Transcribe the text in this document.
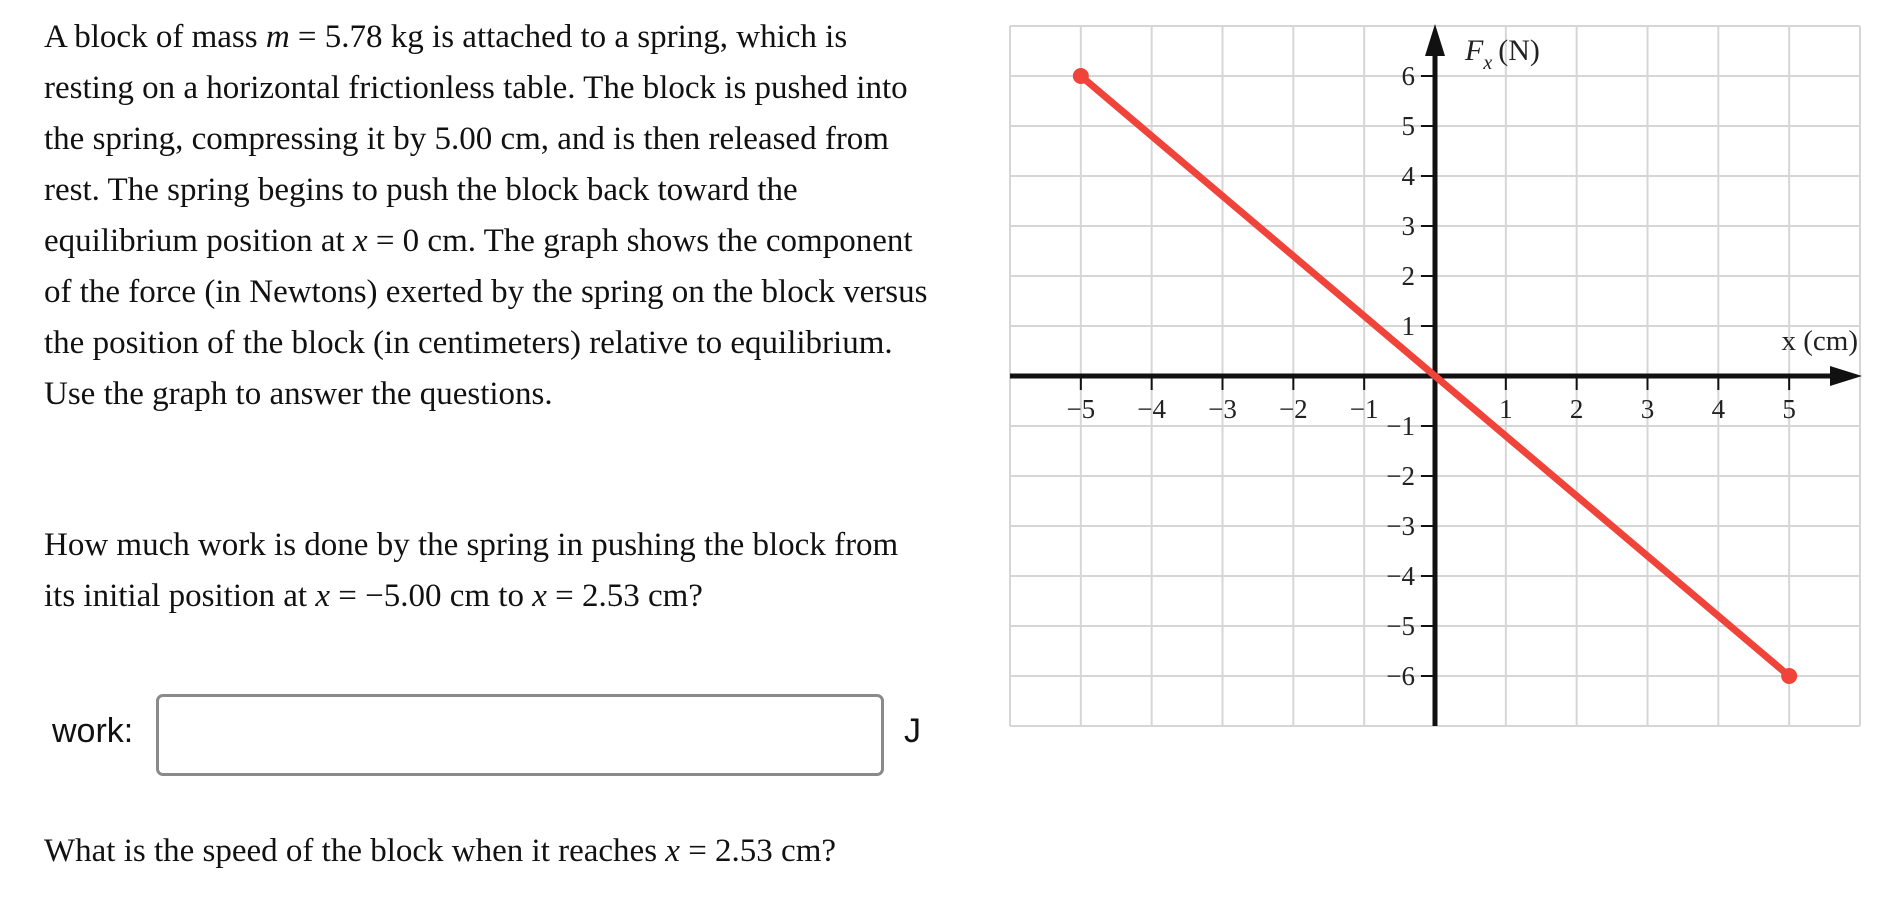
A block of mass m = 5.78 kg is attached to a spring, which is resting on a horizontal frictionless table. The block is pushed into the spring, compressing it by 5.00 cm, and is then released from rest. The spring begins to push the block back toward the equilibrium position at x = 0 cm. The graph shows the component of the force (in Newtons) exerted by the spring on the block versus the position of the block (in centimeters) relative to equilibrium. Use the graph to answer the questions.

How much work is done by the spring in pushing the block from its initial position at x = −5.00 cm to x = 2.53 cm?

work:	J

What is the speed of the block when it reaches x = 2.53 cm?

−5 −4 −3 −2 −1	1 2 3 4 5
−6
−5
−4
−3
−2
−1
1
2
3
4
5
6
$F_x$ (N)
x (cm)
